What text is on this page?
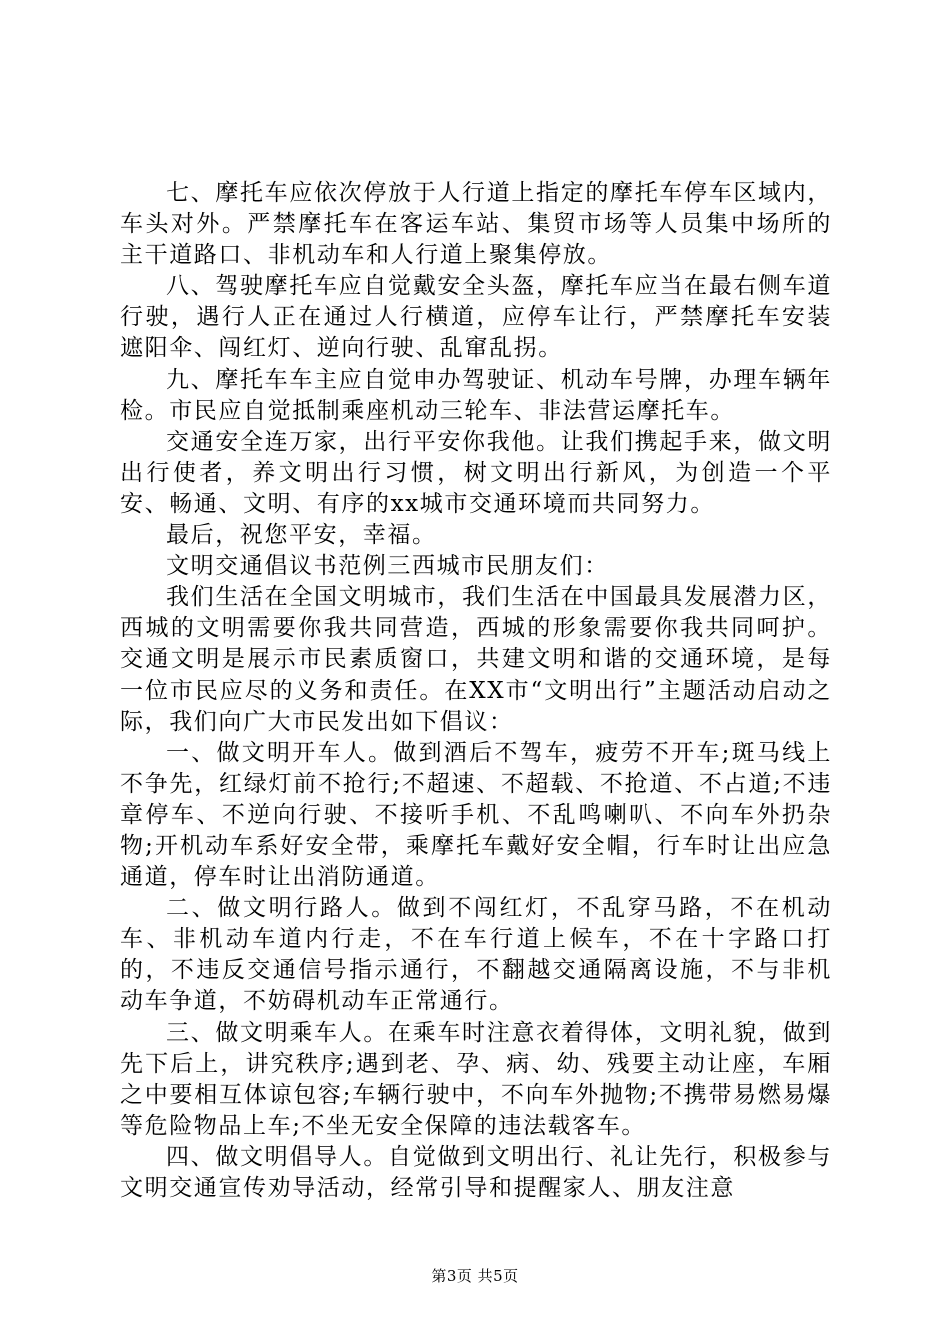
七、摩托车应依次停放于人行道上指定的摩托车停车区域内，车头对外。严禁摩托车在客运车站、集贸市场等人员集中场所的主干道路口、非机动车和人行道上聚集停放。

八、驾驶摩托车应自觉戴安全头盔，摩托车应当在最右侧车道行驶，遇行人正在通过人行横道，应停车让行，严禁摩托车安装遮阳伞、闯红灯、逆向行驶、乱窜乱拐。

九、摩托车车主应自觉申办驾驶证、机动车号牌，办理车辆年检。市民应自觉抵制乘座机动三轮车、非法营运摩托车。

交通安全连万家，出行平安你我他。让我们携起手来，做文明出行使者，养文明出行习惯，树文明出行新风，为创造一个平安、畅通、文明、有序的xx城市交通环境而共同努力。

最后，祝您平安，幸福。

文明交通倡议书范例三西城市民朋友们：

我们生活在全国文明城市，我们生活在中国最具发展潜力区，西城的文明需要你我共同营造，西城的形象需要你我共同呵护。交通文明是展示市民素质窗口，共建文明和谐的交通环境，是每一位市民应尽的义务和责任。在XX市“文明出行”主题活动启动之际，我们向广大市民发出如下倡议：

一、做文明开车人。做到酒后不驾车，疲劳不开车;斑马线上不争先，红绿灯前不抢行;不超速、不超载、不抢道、不占道;不违章停车、不逆向行驶、不接听手机、不乱鸣喇叭、不向车外扔杂物;开机动车系好安全带，乘摩托车戴好安全帽，行车时让出应急通道，停车时让出消防通道。

二、做文明行路人。做到不闯红灯，不乱穿马路，不在机动车、非机动车道内行走，不在车行道上候车，不在十字路口打的，不违反交通信号指示通行，不翻越交通隔离设施，不与非机动车争道，不妨碍机动车正常通行。

三、做文明乘车人。在乘车时注意衣着得体，文明礼貌，做到先下后上，讲究秩序;遇到老、孕、病、幼、残要主动让座，车厢之中要相互体谅包容;车辆行驶中，不向车外抛物;不携带易燃易爆等危险物品上车;不坐无安全保障的违法载客车。

四、做文明倡导人。自觉做到文明出行、礼让先行，积极参与文明交通宣传劝导活动，经常引导和提醒家人、朋友注意

第3页 共5页
